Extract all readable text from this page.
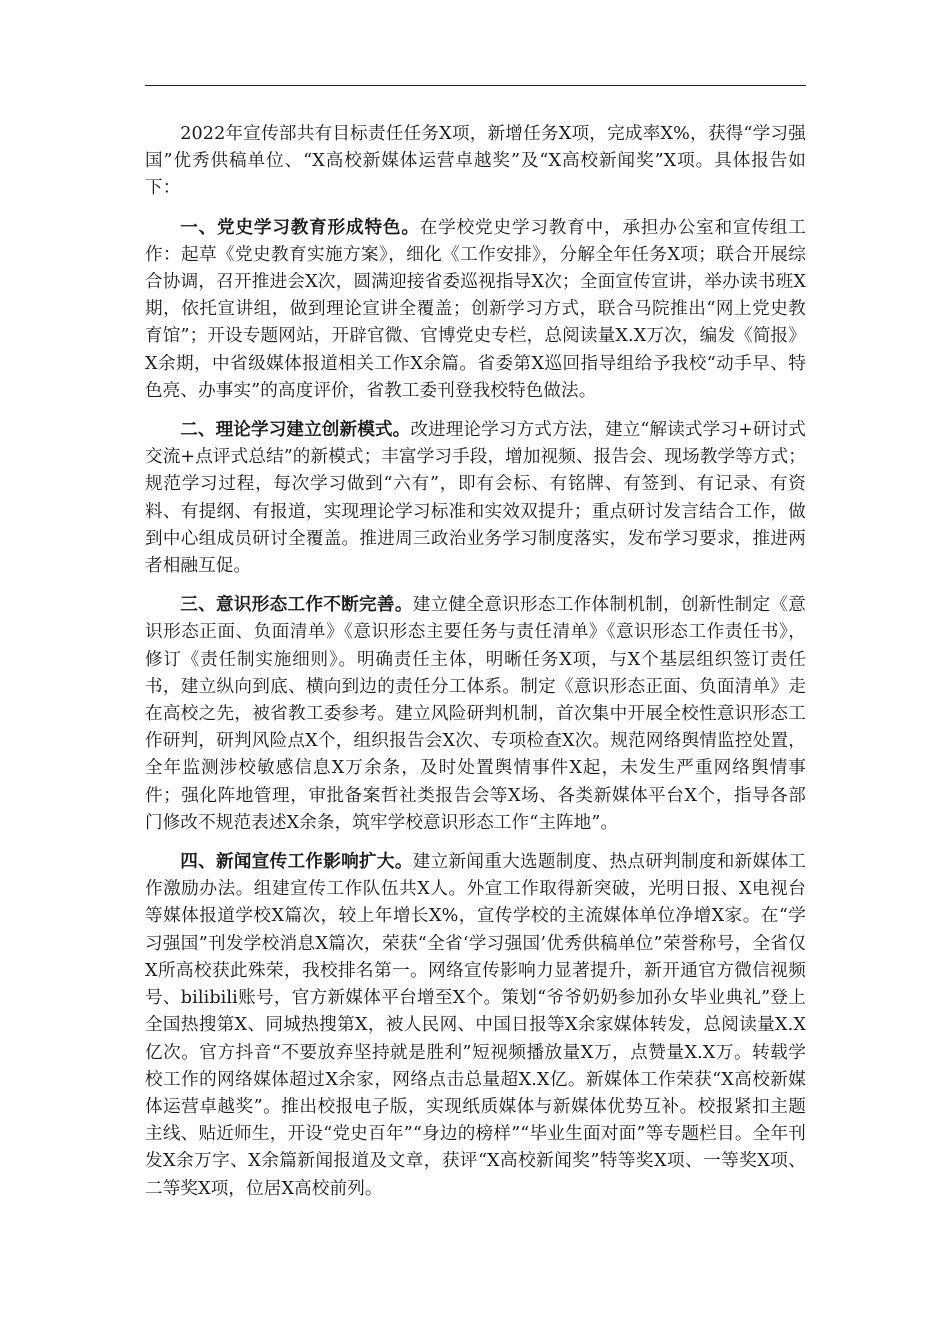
2022年宣传部共有目标责任任务X项，新增任务X项，完成率X%，获得“学习强国”优秀供稿单位、“X高校新媒体运营卓越奖”及“X高校新闻奖”X项。具体报告如下：

一、党史学习教育形成特色。在学校党史学习教育中，承担办公室和宣传组工作：起草《党史教育实施方案》，细化《工作安排》，分解全年任务X项；联合开展综合协调，召开推进会X次，圆满迎接省委巡视指导X次；全面宣传宣讲，举办读书班X期，依托宣讲组，做到理论宣讲全覆盖；创新学习方式，联合马院推出“网上党史教育馆”；开设专题网站，开辟官微、官博党史专栏，总阅读量X.X万次，编发《简报》X余期，中省级媒体报道相关工作X余篇。省委第X巡回指导组给予我校“动手早、特色亮、办事实”的高度评价，省教工委刊登我校特色做法。

二、理论学习建立创新模式。改进理论学习方式方法，建立“解读式学习+研讨式交流+点评式总结”的新模式；丰富学习手段，增加视频、报告会、现场教学等方式；规范学习过程，每次学习做到“六有”，即有会标、有铭牌、有签到、有记录、有资料、有提纲、有报道，实现理论学习标准和实效双提升；重点研讨发言结合工作，做到中心组成员研讨全覆盖。推进周三政治业务学习制度落实，发布学习要求，推进两者相融互促。

三、意识形态工作不断完善。建立健全意识形态工作体制机制，创新性制定《意识形态正面、负面清单》《意识形态主要任务与责任清单》《意识形态工作责任书》，修订《责任制实施细则》。明确责任主体，明晰任务X项，与X个基层组织签订责任书，建立纵向到底、横向到边的责任分工体系。制定《意识形态正面、负面清单》走在高校之先，被省教工委参考。建立风险研判机制，首次集中开展全校性意识形态工作研判，研判风险点X个，组织报告会X次、专项检查X次。规范网络舆情监控处置，全年监测涉校敏感信息X万余条，及时处置舆情事件X起，未发生严重网络舆情事件；强化阵地管理，审批备案哲社类报告会等X场、各类新媒体平台X个，指导各部门修改不规范表述X余条，筑牢学校意识形态工作“主阵地”。

四、新闻宣传工作影响扩大。建立新闻重大选题制度、热点研判制度和新媒体工作激励办法。组建宣传工作队伍共X人。外宣工作取得新突破，光明日报、X电视台等媒体报道学校X篇次，较上年增长X%，宣传学校的主流媒体单位净增X家。在“学习强国”刊发学校消息X篇次，荣获“全省‘学习强国’优秀供稿单位”荣誉称号，全省仅X所高校获此殊荣，我校排名第一。网络宣传影响力显著提升，新开通官方微信视频号、bilibili账号，官方新媒体平台增至X个。策划“爷爷奶奶参加孙女毕业典礼”登上全国热搜第X、同城热搜第X，被人民网、中国日报等X余家媒体转发，总阅读量X.X亿次。官方抖音“不要放弃坚持就是胜利”短视频播放量X万，点赞量X.X万。转载学校工作的网络媒体超过X余家，网络点击总量超X.X亿。新媒体工作荣获“X高校新媒体运营卓越奖”。推出校报电子版，实现纸质媒体与新媒体优势互补。校报紧扣主题主线、贴近师生，开设“党史百年”“身边的榜样”“毕业生面对面”等专题栏目。全年刊发X余万字、X余篇新闻报道及文章，获评“X高校新闻奖”特等奖X项、一等奖X项、二等奖X项，位居X高校前列。
